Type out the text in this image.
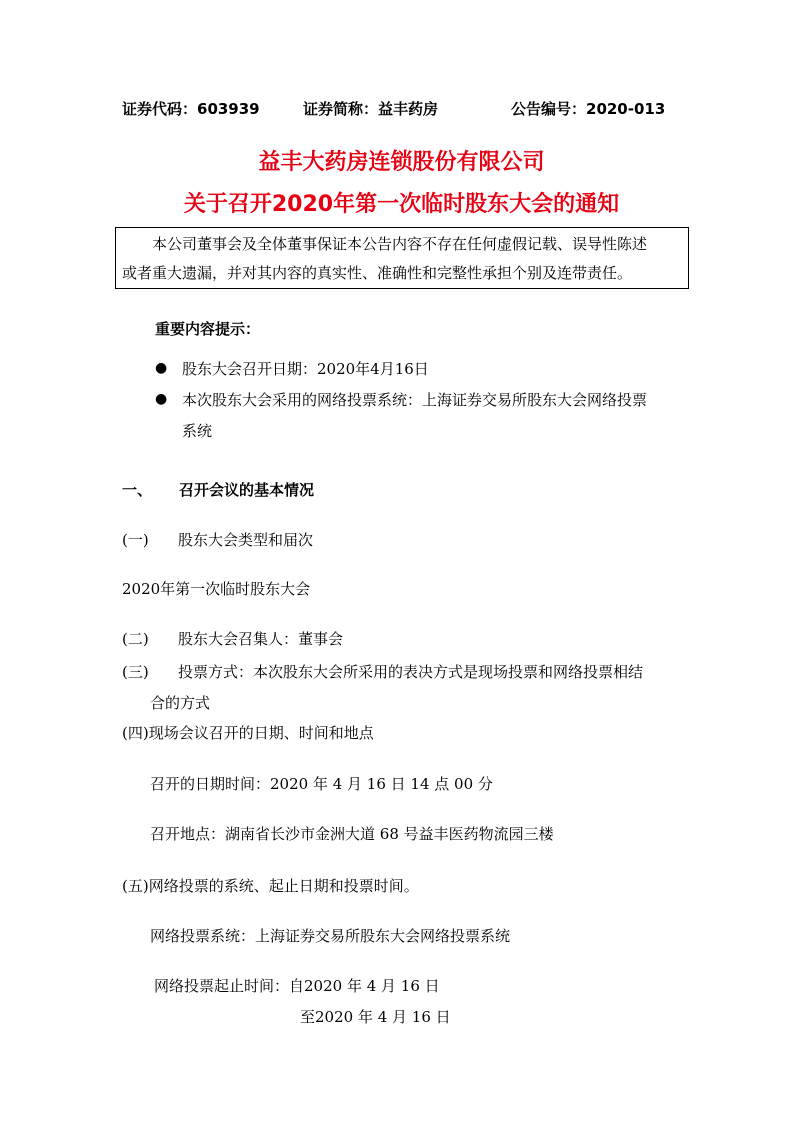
证券代码：603939	证券简称：益丰药房	公告编号：2020-013
益丰大药房连锁股份有限公司
关于召开2020年第一次临时股东大会的通知
本公司董事会及全体董事保证本公告内容不存在任何虚假记载、误导性陈述
或者重大遗漏，并对其内容的真实性、准确性和完整性承担个别及连带责任。
重要内容提示：
● 股东大会召开日期：2020年4月16日
● 本次股东大会采用的网络投票系统：上海证券交易所股东大会网络投票
系统
一、 召开会议的基本情况
(一) 股东大会类型和届次
2020年第一次临时股东大会
(二) 股东大会召集人：董事会
(三) 投票方式：本次股东大会所采用的表决方式是现场投票和网络投票相结
合的方式
(四)现场会议召开的日期、时间和地点
召开的日期时间：2020 年 4 月 16 日 14 点 00 分
召开地点：湖南省长沙市金洲大道 68 号益丰医药物流园三楼
(五)网络投票的系统、起止日期和投票时间。
网络投票系统：上海证券交易所股东大会网络投票系统
网络投票起止时间：自2020 年 4 月 16 日
至2020 年 4 月 16 日
